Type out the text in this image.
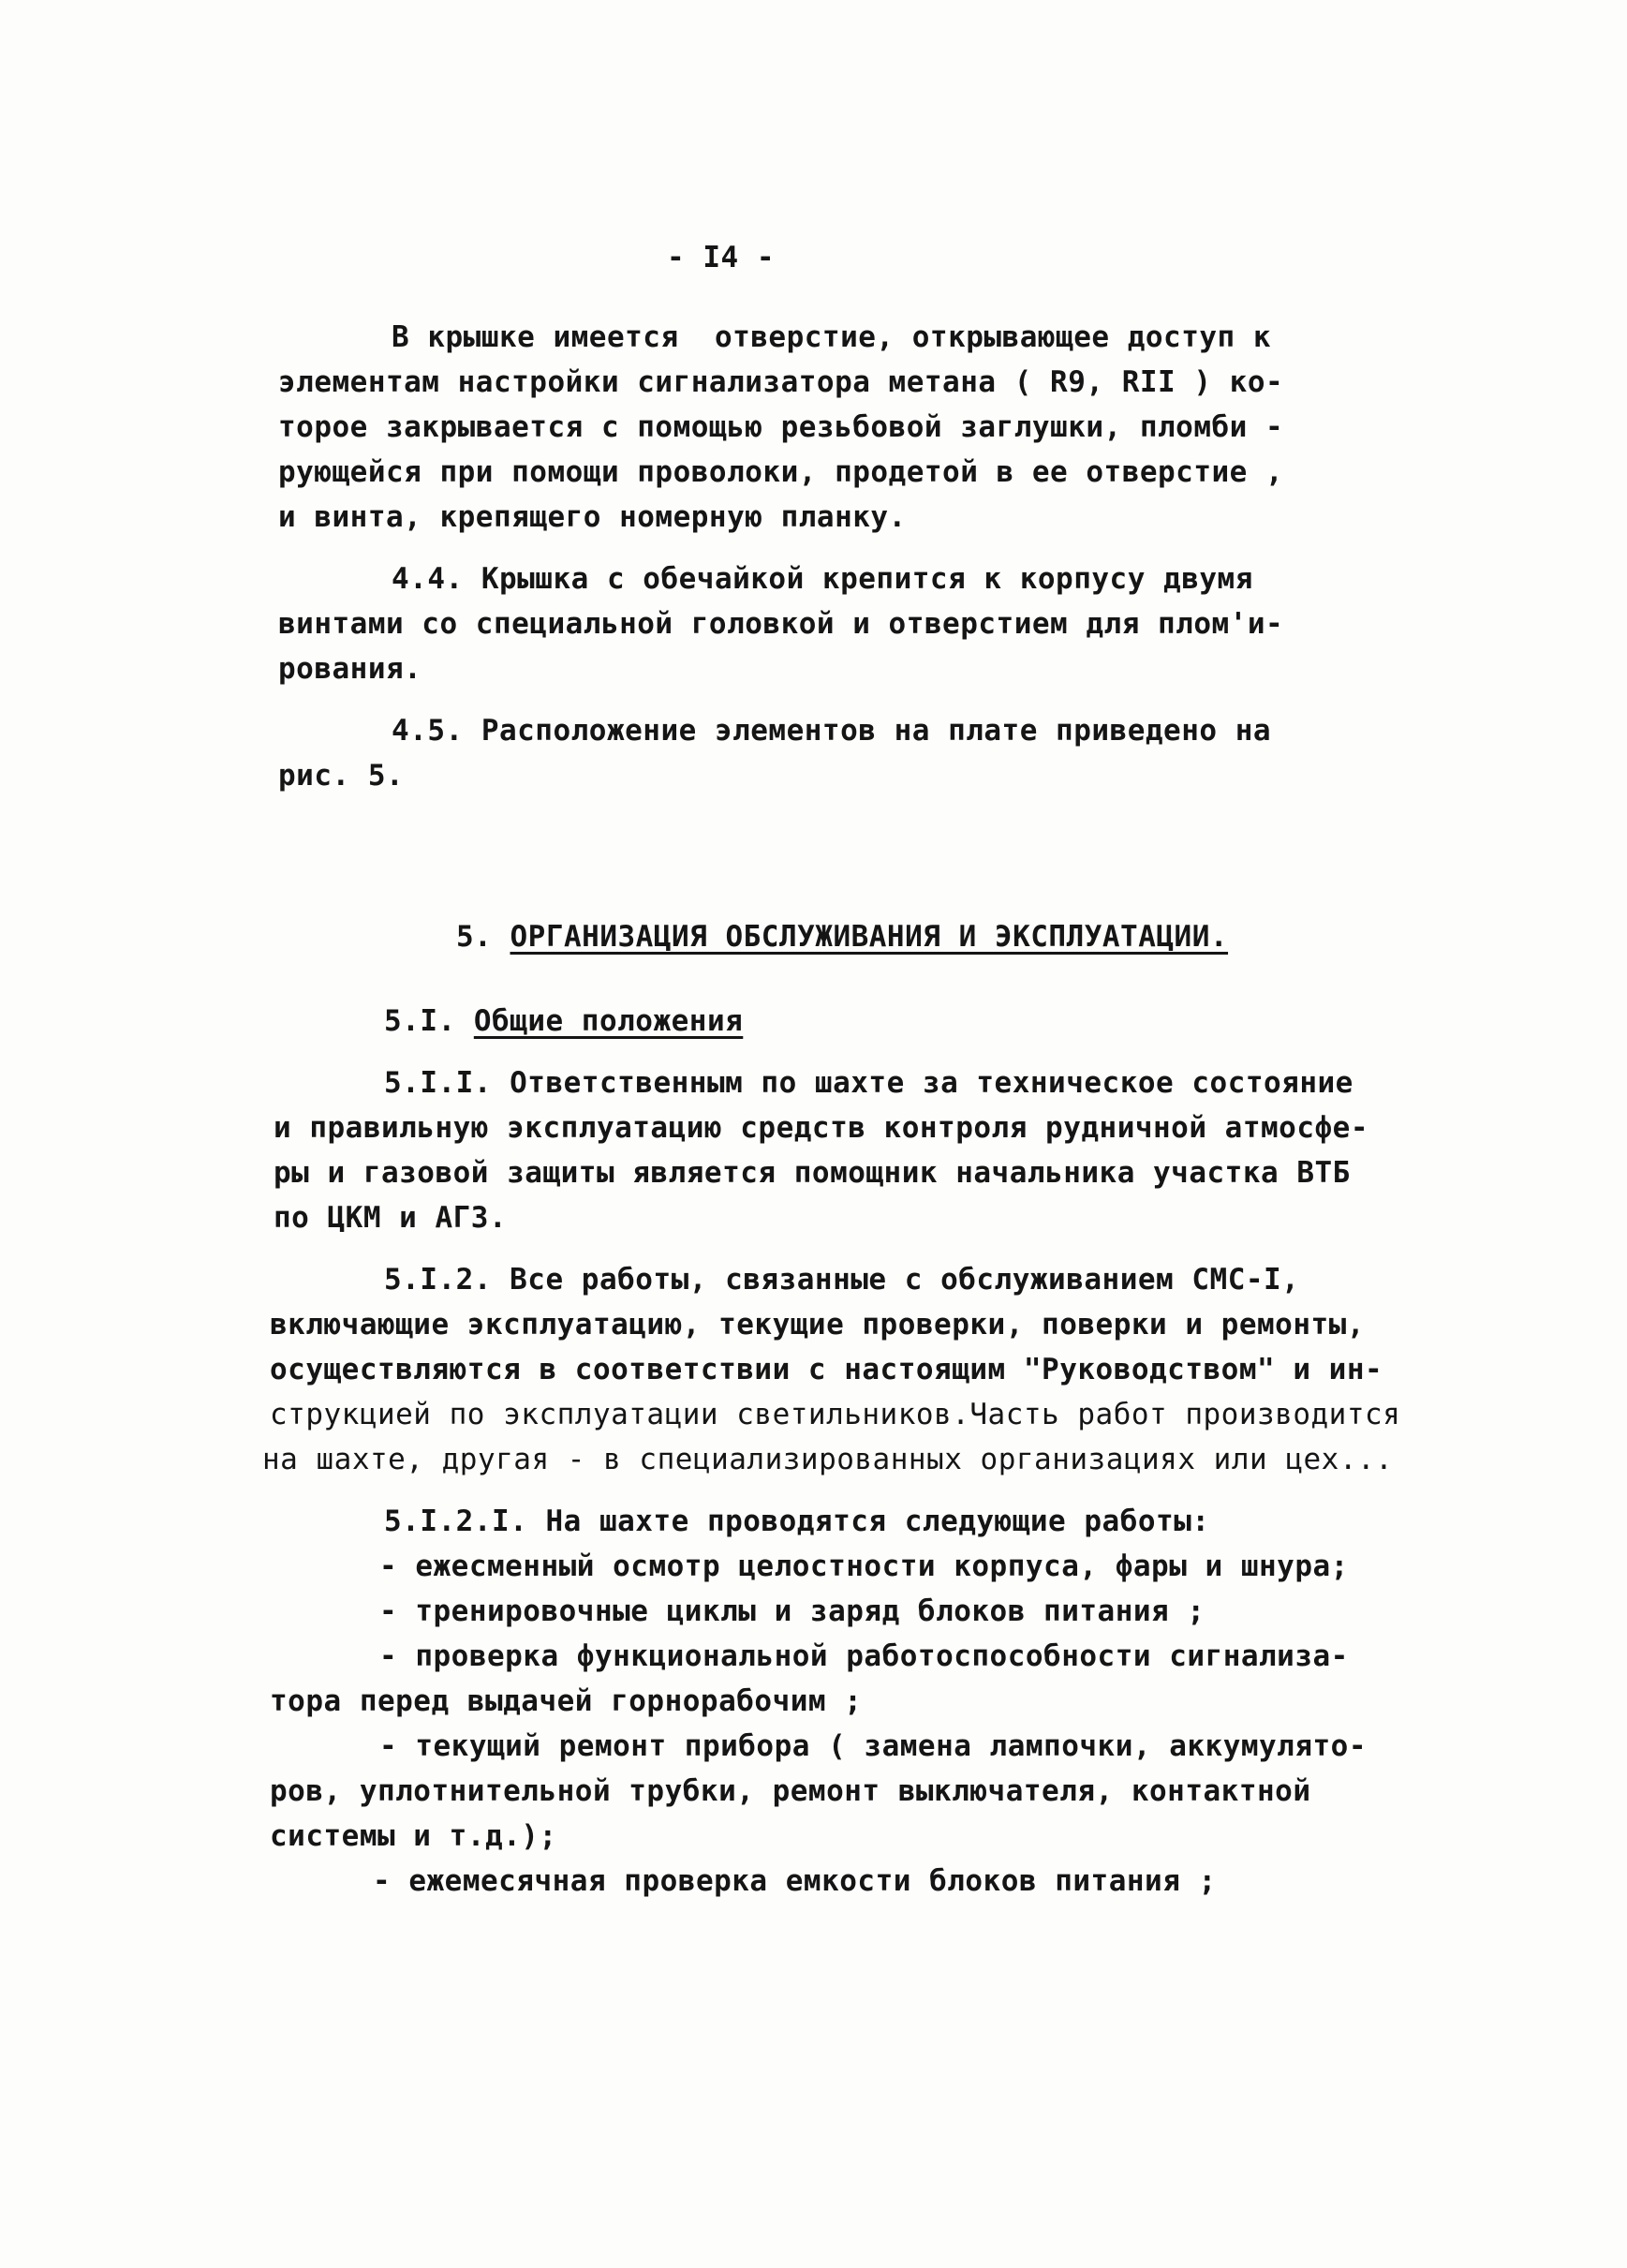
- I4 -
В крышке имеется  отверстие, открывающее доступ к
элементам настройки сигнализатора метана ( R9, RII ) ко-
торое закрывается с помощью резьбовой заглушки, пломби -
рующейся при помощи проволоки, продетой в ее отверстие ,
и винта, крепящего номерную планку.
4.4. Крышка с обечайкой крепится к корпусу двумя
винтами со специальной головкой и отверстием для плом'и-
рования.
4.5. Расположение элементов на плате приведено на
рис. 5.
5. ОРГАНИЗАЦИЯ ОБСЛУЖИВАНИЯ И ЭКСПЛУАТАЦИИ.
5.I. Общие положения
5.I.I. Ответственным по шахте за техническое состояние
и правильную эксплуатацию средств контроля рудничной атмосфе-
ры и газовой защиты является помощник начальника участка ВТБ
по ЦКМ и АГЗ.
5.I.2. Все работы, связанные с обслуживанием СМС-I,
включающие эксплуатацию, текущие проверки, поверки и ремонты,
осуществляются в соответствии с настоящим "Руководством" и ин-
струкцией по эксплуатации светильников.Часть работ производится
на шахте, другая - в специализированных организациях или цех...
5.I.2.I. На шахте проводятся следующие работы:
- ежесменный осмотр целостности корпуса, фары и шнура;
- тренировочные циклы и заряд блоков питания ;
- проверка функциональной работоспособности сигнализа-
тора перед выдачей горнорабочим ;
- текущий ремонт прибора ( замена лампочки, аккумулято-
ров, уплотнительной трубки, ремонт выключателя, контактной
системы и т.д.);
- ежемесячная проверка емкости блоков питания ;
